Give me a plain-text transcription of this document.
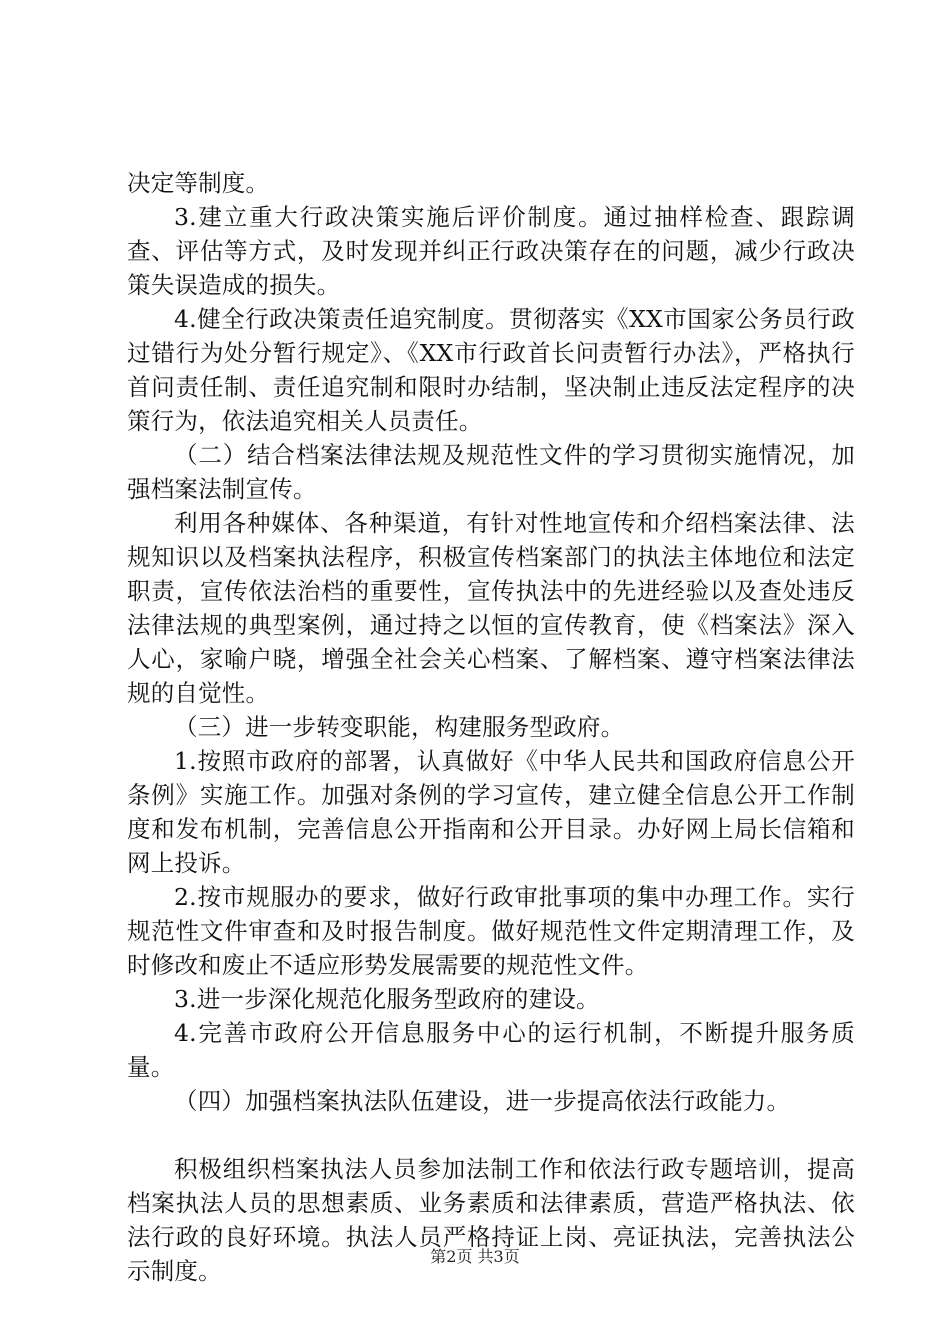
决定等制度。

3.建立重大行政决策实施后评价制度。通过抽样检查、跟踪调查、评估等方式，及时发现并纠正行政决策存在的问题，减少行政决策失误造成的损失。

4.健全行政决策责任追究制度。贯彻落实《XX市国家公务员行政过错行为处分暂行规定》、《XX市行政首长问责暂行办法》，严格执行首问责任制、责任追究制和限时办结制，坚决制止违反法定程序的决策行为，依法追究相关人员责任。

（二）结合档案法律法规及规范性文件的学习贯彻实施情况，加强档案法制宣传。

利用各种媒体、各种渠道，有针对性地宣传和介绍档案法律、法规知识以及档案执法程序，积极宣传档案部门的执法主体地位和法定职责，宣传依法治档的重要性，宣传执法中的先进经验以及查处违反法律法规的典型案例，通过持之以恒的宣传教育，使《档案法》深入人心，家喻户晓，增强全社会关心档案、了解档案、遵守档案法律法规的自觉性。

（三）进一步转变职能，构建服务型政府。

1.按照市政府的部署，认真做好《中华人民共和国政府信息公开条例》实施工作。加强对条例的学习宣传，建立健全信息公开工作制度和发布机制，完善信息公开指南和公开目录。办好网上局长信箱和网上投诉。

2.按市规服办的要求，做好行政审批事项的集中办理工作。实行规范性文件审查和及时报告制度。做好规范性文件定期清理工作，及时修改和废止不适应形势发展需要的规范性文件。

3.进一步深化规范化服务型政府的建设。

4.完善市政府公开信息服务中心的运行机制，不断提升服务质量。

（四）加强档案执法队伍建设，进一步提高依法行政能力。

积极组织档案执法人员参加法制工作和依法行政专题培训，提高档案执法人员的思想素质、业务素质和法律素质，营造严格执法、依法行政的良好环境。执法人员严格持证上岗、亮证执法，完善执法公示制度。

第2页 共3页
